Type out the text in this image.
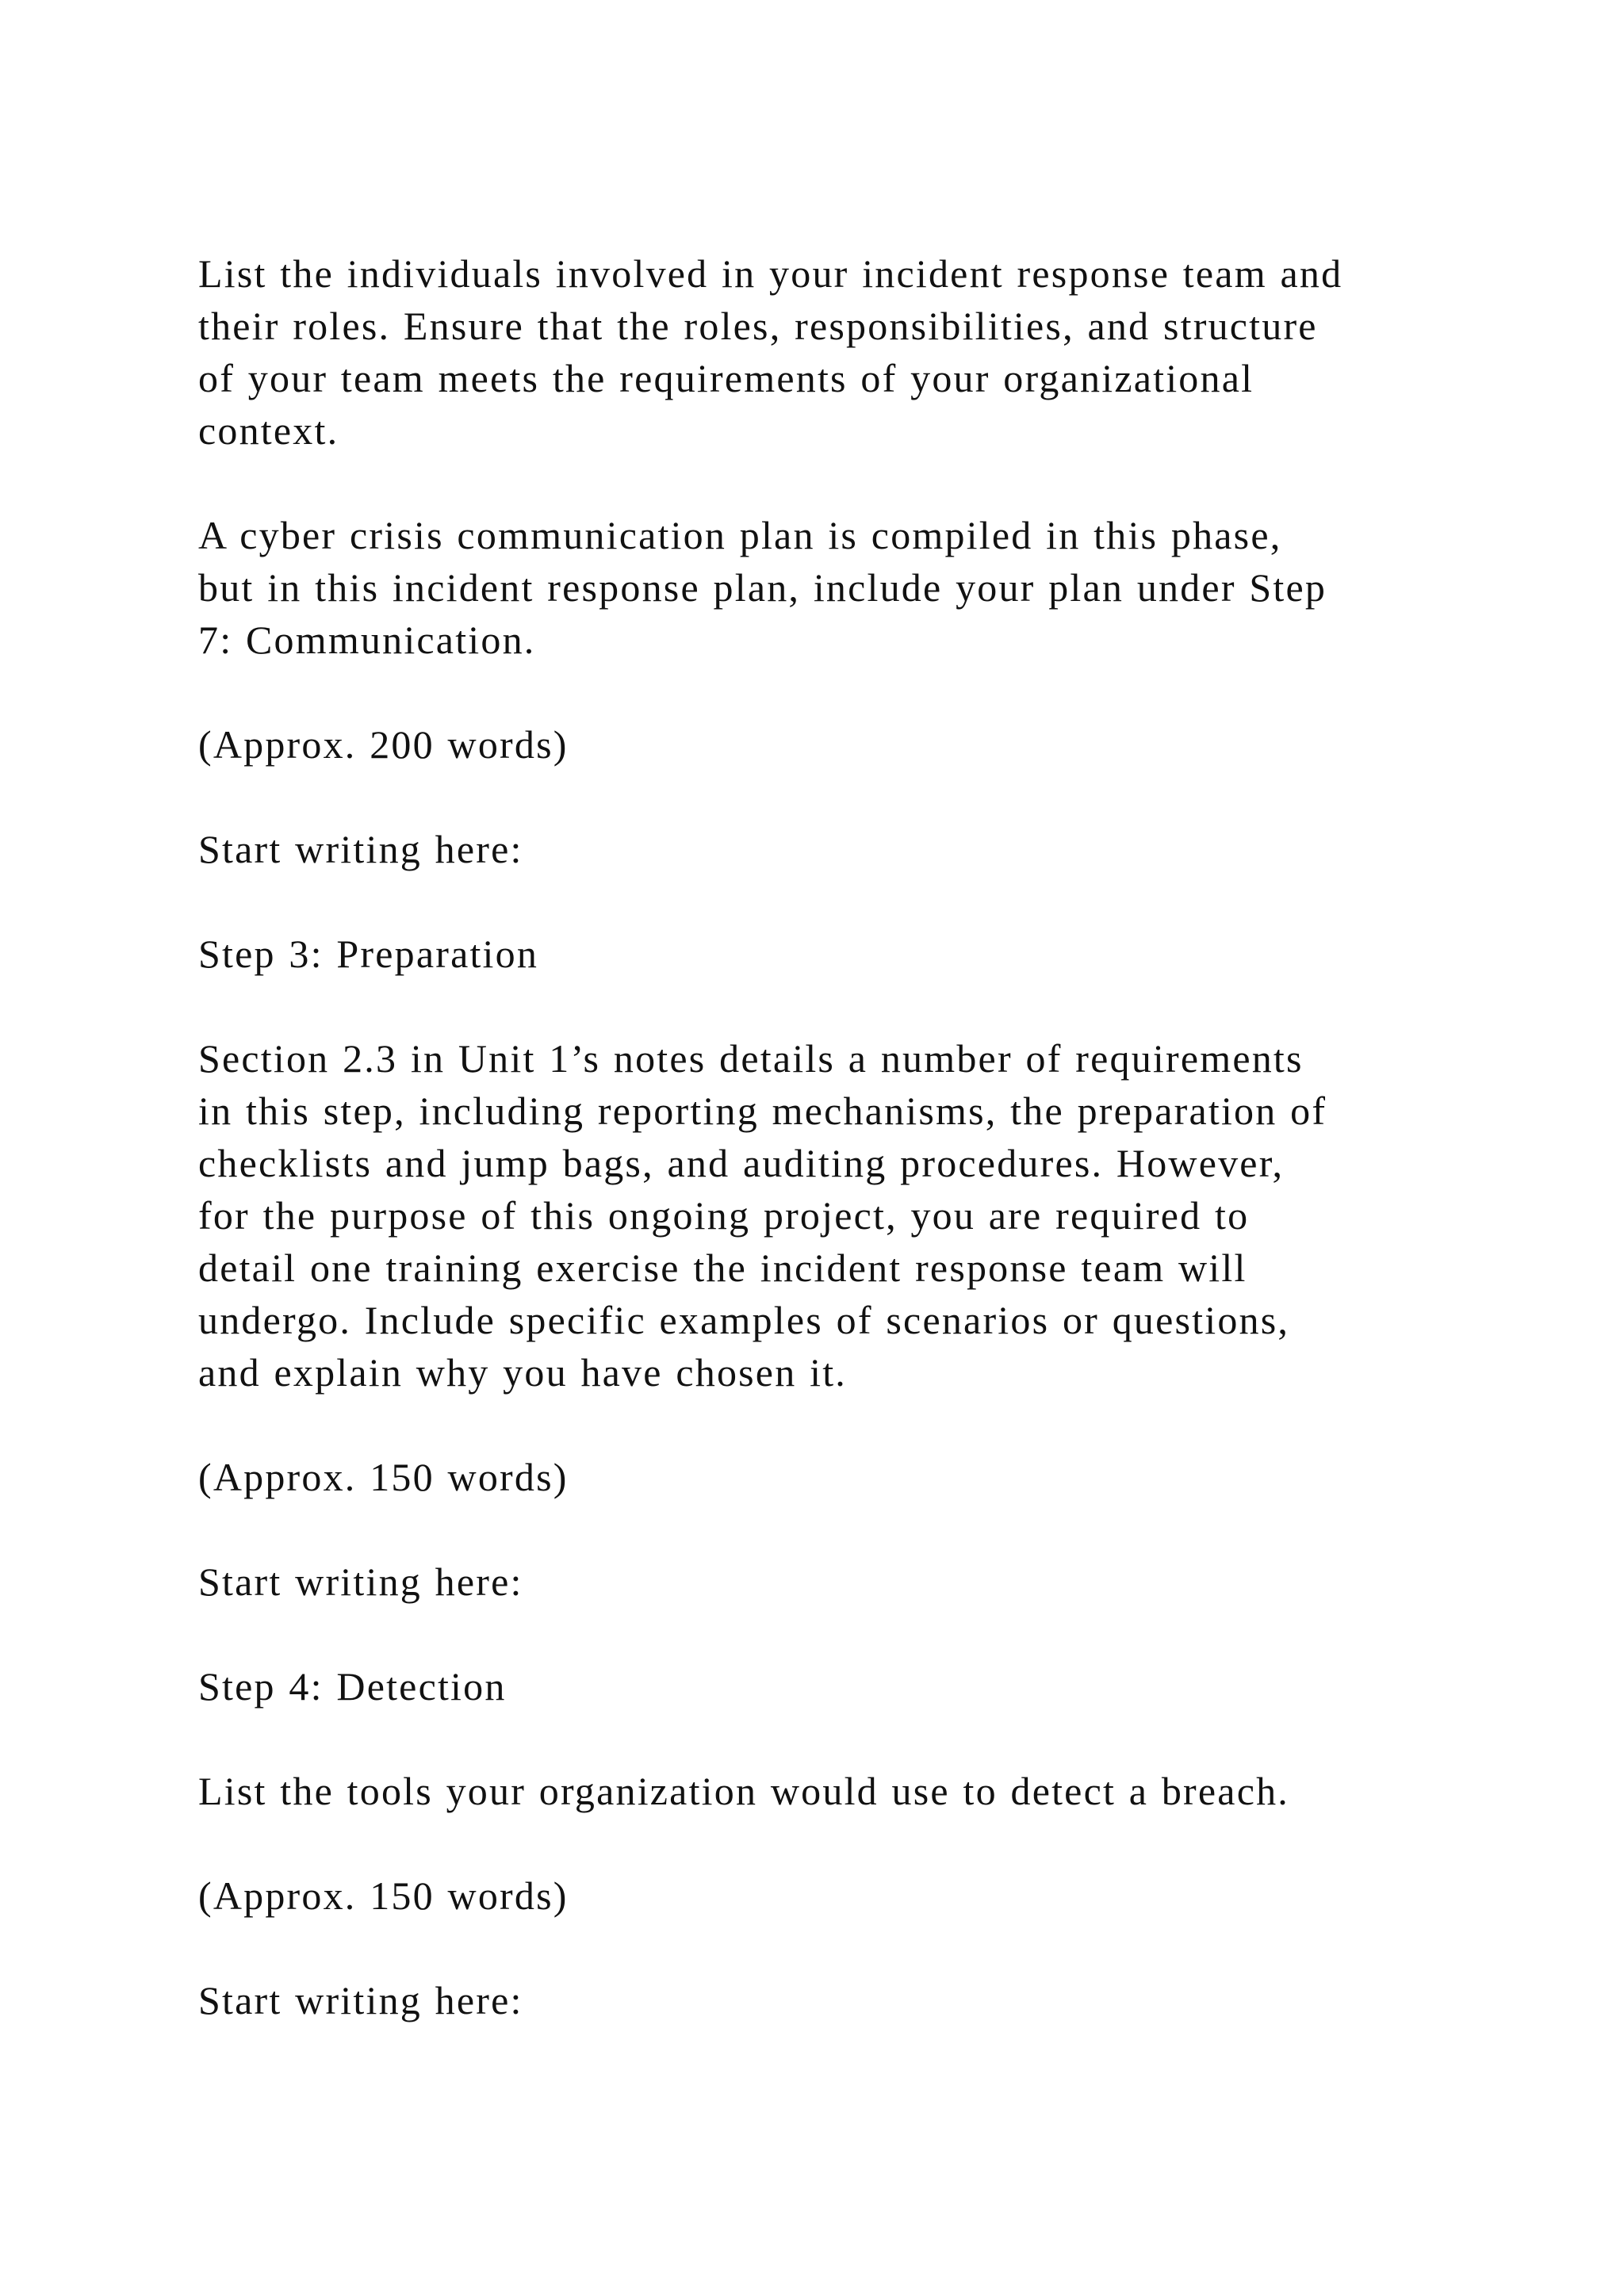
List the individuals involved in your incident response team and
their roles. Ensure that the roles, responsibilities, and structure
of your team meets the requirements of your organizational
context.

A cyber crisis communication plan is compiled in this phase,
but in this incident response plan, include your plan under Step
7: Communication.

(Approx. 200 words)

Start writing here:

Step 3: Preparation

Section 2.3 in Unit 1’s notes details a number of requirements
in this step, including reporting mechanisms, the preparation of
checklists and jump bags, and auditing procedures. However,
for the purpose of this ongoing project, you are required to
detail one training exercise the incident response team will
undergo. Include specific examples of scenarios or questions,
and explain why you have chosen it.

(Approx. 150 words)

Start writing here:

Step 4: Detection

List the tools your organization would use to detect a breach.

(Approx. 150 words)

Start writing here:
